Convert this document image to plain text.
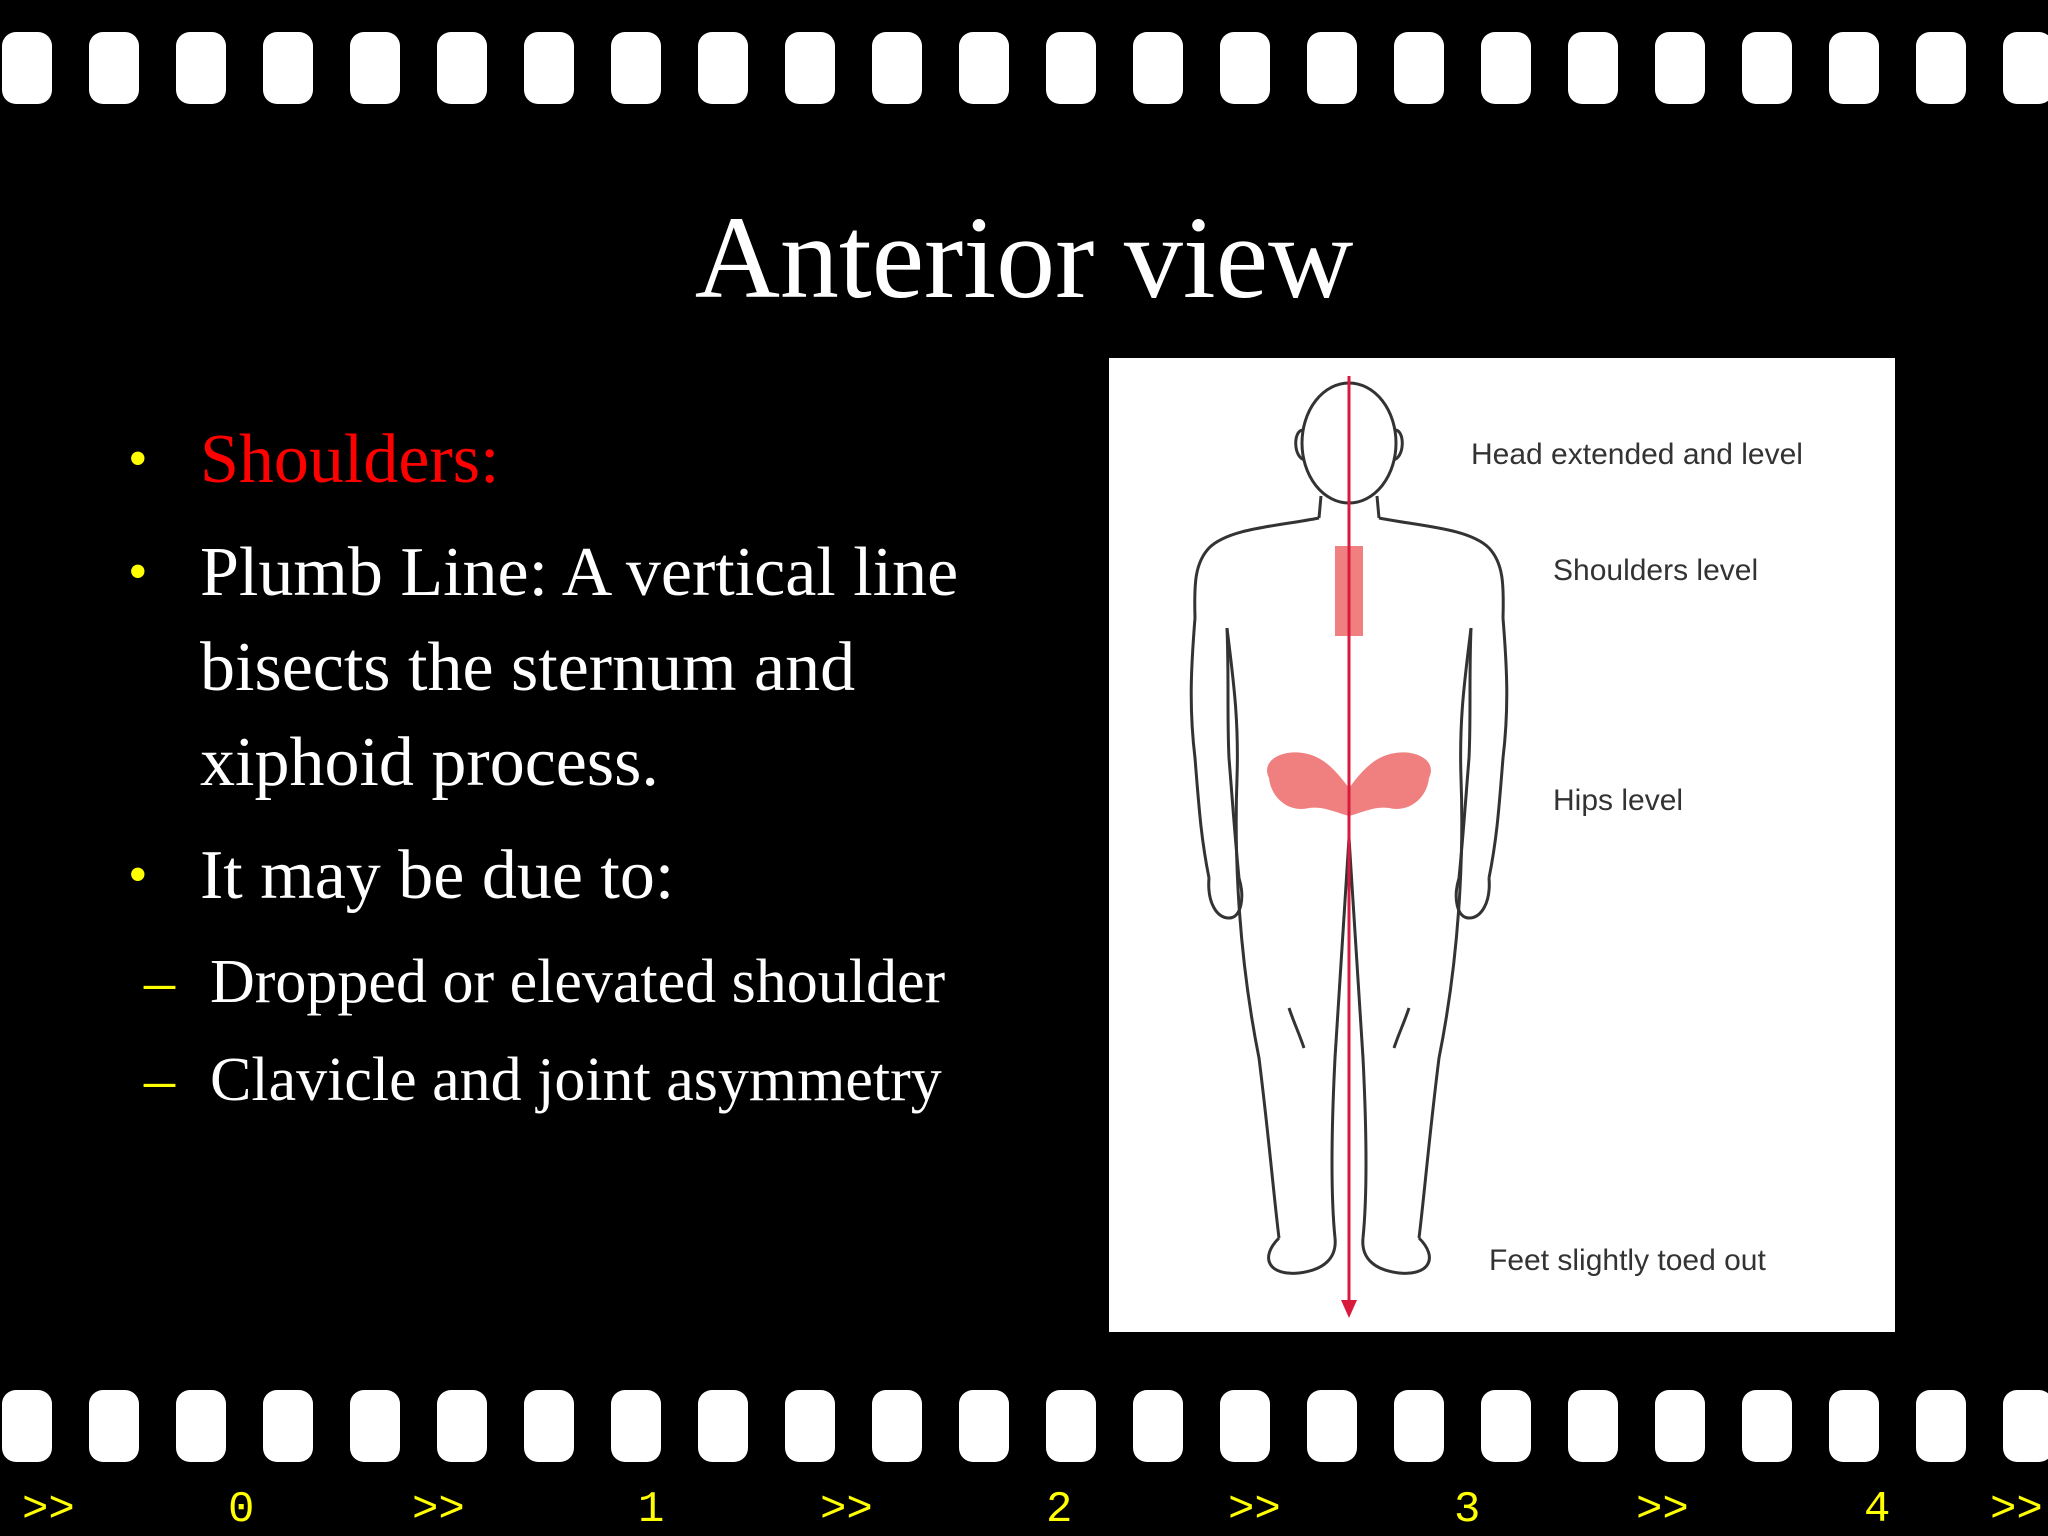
Anterior view
• Shoulders:
• Plumb Line: A vertical line bisects the sternum and xiphoid process.
• It may be due to:
– Dropped or elevated shoulder
– Clavicle and joint asymmetry
Head extended and level
Shoulders level
Hips level
Feet slightly toed out
>>	0	>>	1	>>	2	>>	3	>>	4 >>
